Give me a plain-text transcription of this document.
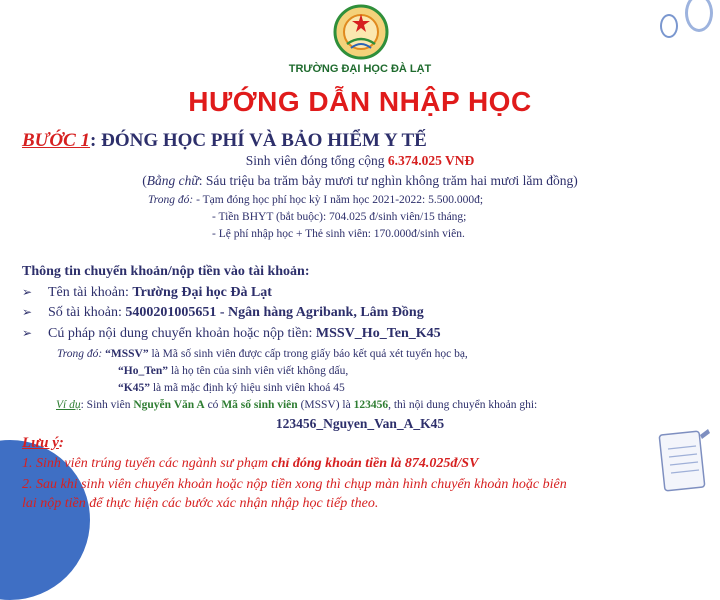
TRƯỜNG ĐẠI HỌC ĐÀ LẠT
HƯỚNG DẪN NHẬP HỌC
BƯỚC 1: ĐÓNG HỌC PHÍ VÀ BẢO HIỂM Y TẾ
Sinh viên đóng tổng cộng 6.374.025 VNĐ
(Bằng chữ: Sáu triệu ba trăm bảy mươi tư nghìn không trăm hai mươi lăm đồng)
Trong đó: - Tạm đóng học phí học kỳ I năm học 2021-2022: 5.500.000đ;
- Tiền BHYT (bắt buộc): 704.025 đ/sinh viên/15 tháng;
- Lệ phí nhập học + Thẻ sinh viên: 170.000đ/sinh viên.
Thông tin chuyển khoản/nộp tiền vào tài khoản:
➢ Tên tài khoản: Trường Đại học Đà Lạt
➢ Số tài khoản: 5400201005651 - Ngân hàng Agribank, Lâm Đồng
➢ Cú pháp nội dung chuyển khoản hoặc nộp tiền: MSSV_Ho_Ten_K45
Trong đó: “MSSV” là Mã số sinh viên được cấp trong giấy báo kết quả xét tuyển học bạ,
“Ho_Ten” là họ tên của sinh viên viết không dấu,
“K45” là mã mặc định ký hiệu sinh viên khoá 45
Ví dụ: Sinh viên Nguyễn Văn A có Mã số sinh viên (MSSV) là 123456, thì nội dung chuyển khoản ghi:
123456_Nguyen_Van_A_K45
Lưu ý:
1. Sinh viên trúng tuyển các ngành sư phạm chỉ đóng khoản tiền là 874.025đ/SV
2. Sau khi sinh viên chuyển khoản hoặc nộp tiền xong thì chụp màn hình chuyển khoản hoặc biên
lai nộp tiền để thực hiện các bước xác nhận nhập học tiếp theo.
